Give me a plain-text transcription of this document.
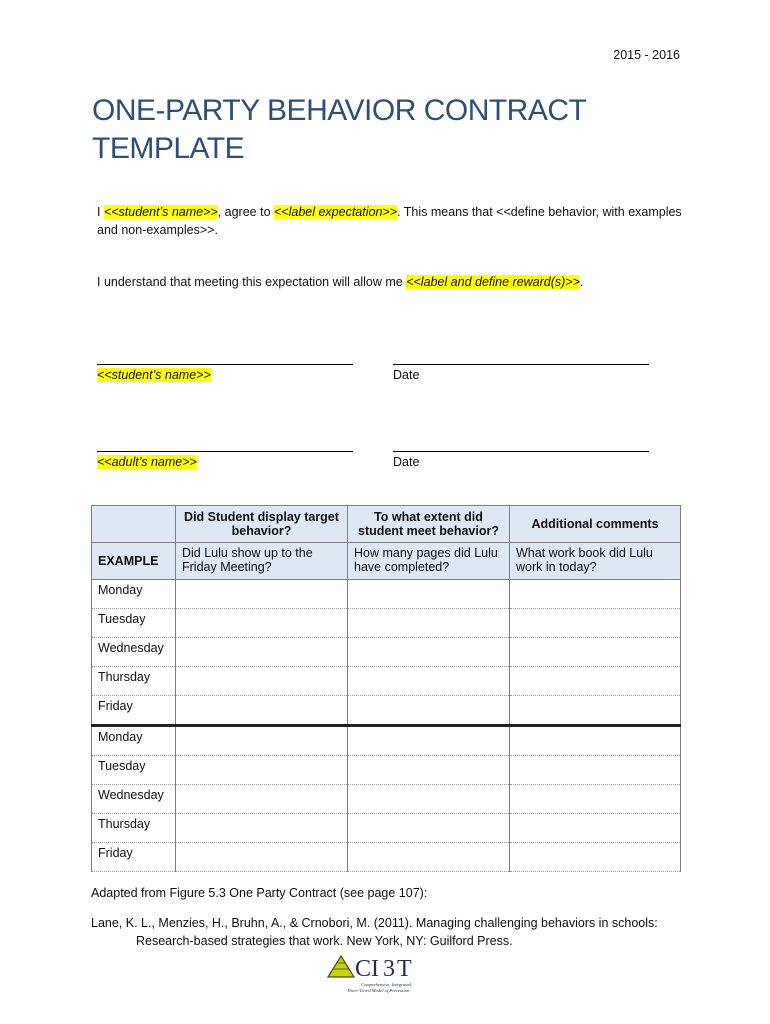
2015 - 2016
ONE-PARTY BEHAVIOR CONTRACT TEMPLATE
I <<student’s name>>, agree to <<label expectation>>. This means that <<define behavior, with examples and non-examples>>.
I understand that meeting this expectation will allow me <<label and define reward(s)>>.
<<student’s name>>	Date
<<adult’s name>>	Date
	Did Student display target behavior?	To what extent did student meet behavior?	Additional comments
EXAMPLE	Did Lulu show up to the Friday Meeting?	How many pages did Lulu have completed?	What work book did Lulu work in today?
Monday			
Tuesday			
Wednesday			
Thursday			
Friday			
Monday			
Tuesday			
Wednesday			
Thursday			
Friday			
Adapted from Figure 5.3 One Party Contract (see page 107):
Lane, K. L., Menzies, H., Bruhn, A., & Crnobori, M. (2011). Managing challenging behaviors in schools:
Research-based strategies that work. New York, NY: Guilford Press.
CI 3 T
Comprehensive, Integrated,
Three-Tiered Model of Prevention
